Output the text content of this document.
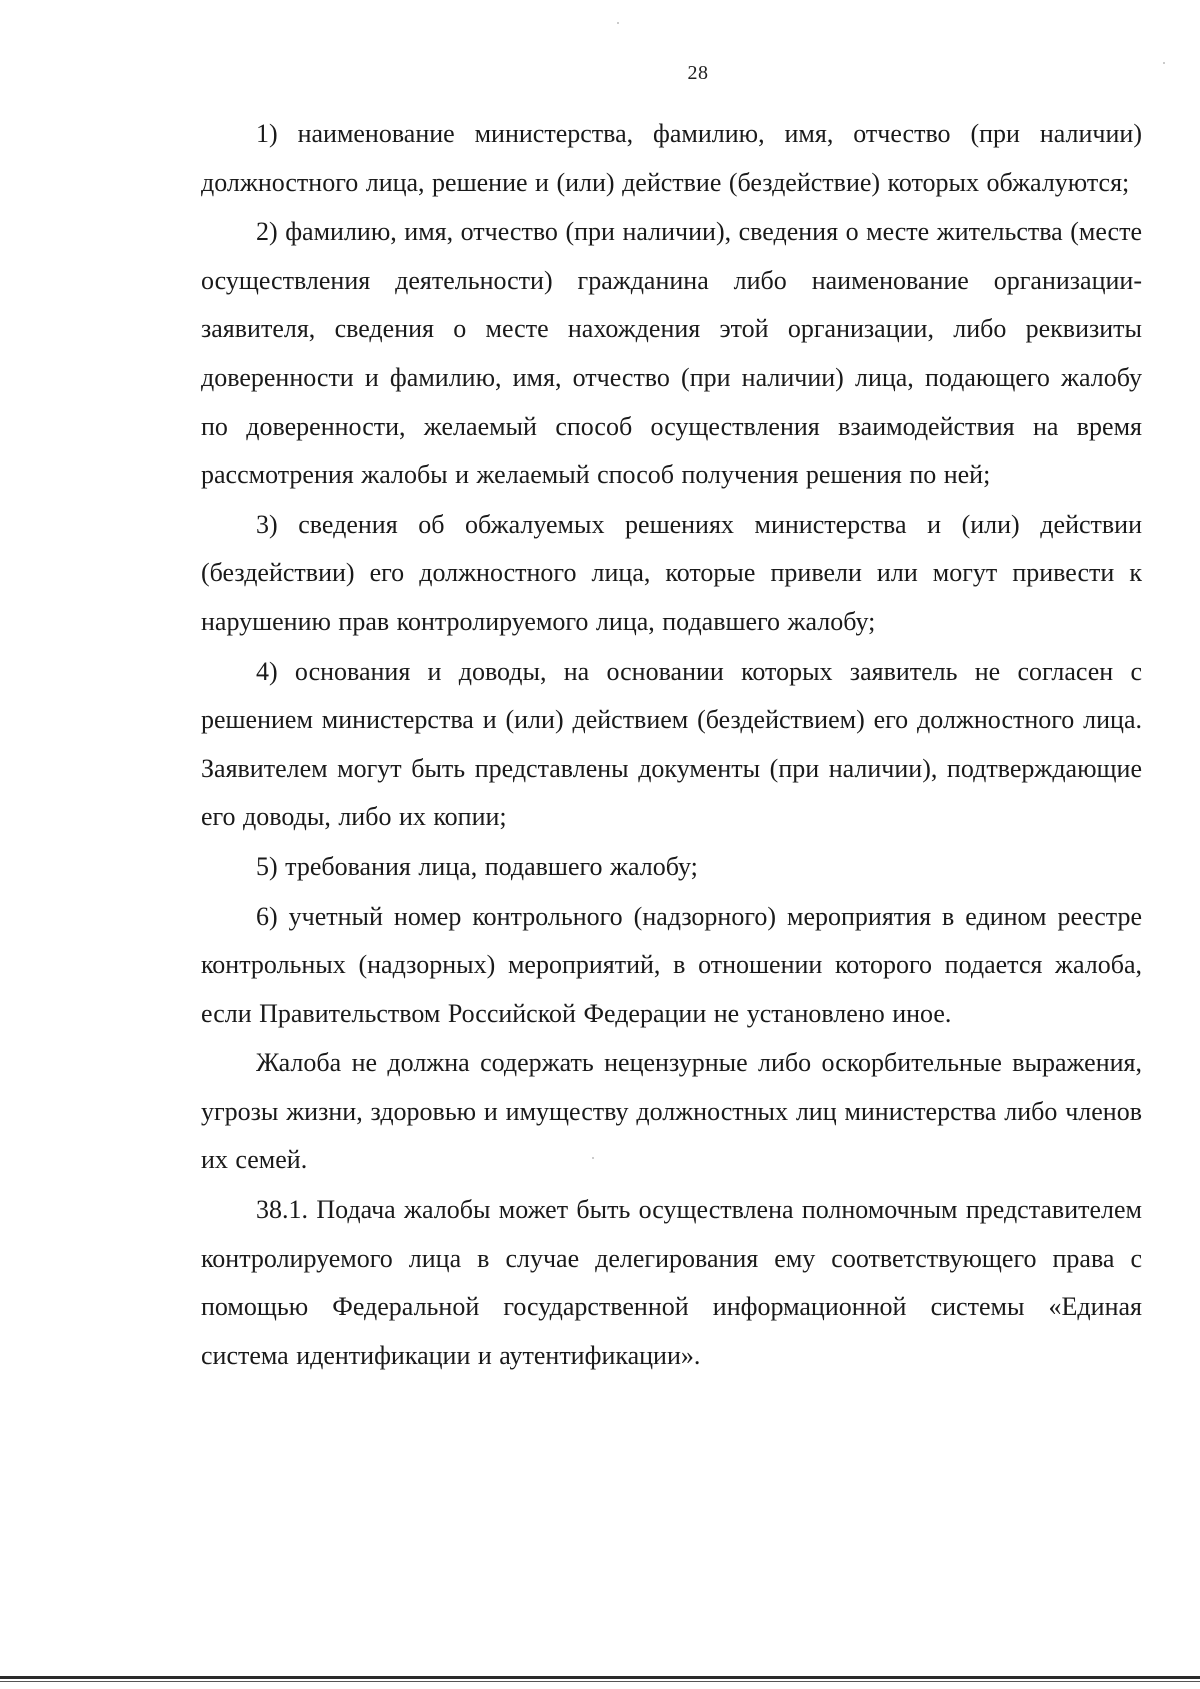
28

1) наименование министерства, фамилию, имя, отчество (при наличии) должностного лица, решение и (или) действие (бездействие) которых обжалуются;

2) фамилию, имя, отчество (при наличии), сведения о месте жительства (месте осуществления деятельности) гражданина либо наименование организации-заявителя, сведения о месте нахождения этой организации, либо реквизиты доверенности и фамилию, имя, отчество (при наличии) лица, подающего жалобу по доверенности, желаемый способ осуществления взаимодействия на время рассмотрения жалобы и желаемый способ получения решения по ней;

3) сведения об обжалуемых решениях министерства и (или) действии (бездействии) его должностного лица, которые привели или могут привести к нарушению прав контролируемого лица, подавшего жалобу;

4) основания и доводы, на основании которых заявитель не согласен с решением министерства и (или) действием (бездействием) его должностного лица. Заявителем могут быть представлены документы (при наличии), подтверждающие его доводы, либо их копии;

5) требования лица, подавшего жалобу;

6) учетный номер контрольного (надзорного) мероприятия в едином реестре контрольных (надзорных) мероприятий, в отношении которого подается жалоба, если Правительством Российской Федерации не установлено иное.

Жалоба не должна содержать нецензурные либо оскорбительные выражения, угрозы жизни, здоровью и имуществу должностных лиц министерства либо членов их семей.

38.1. Подача жалобы может быть осуществлена полномочным представителем контролируемого лица в случае делегирования ему соответствующего права с помощью Федеральной государственной информационной системы «Единая система идентификации и аутентификации».
